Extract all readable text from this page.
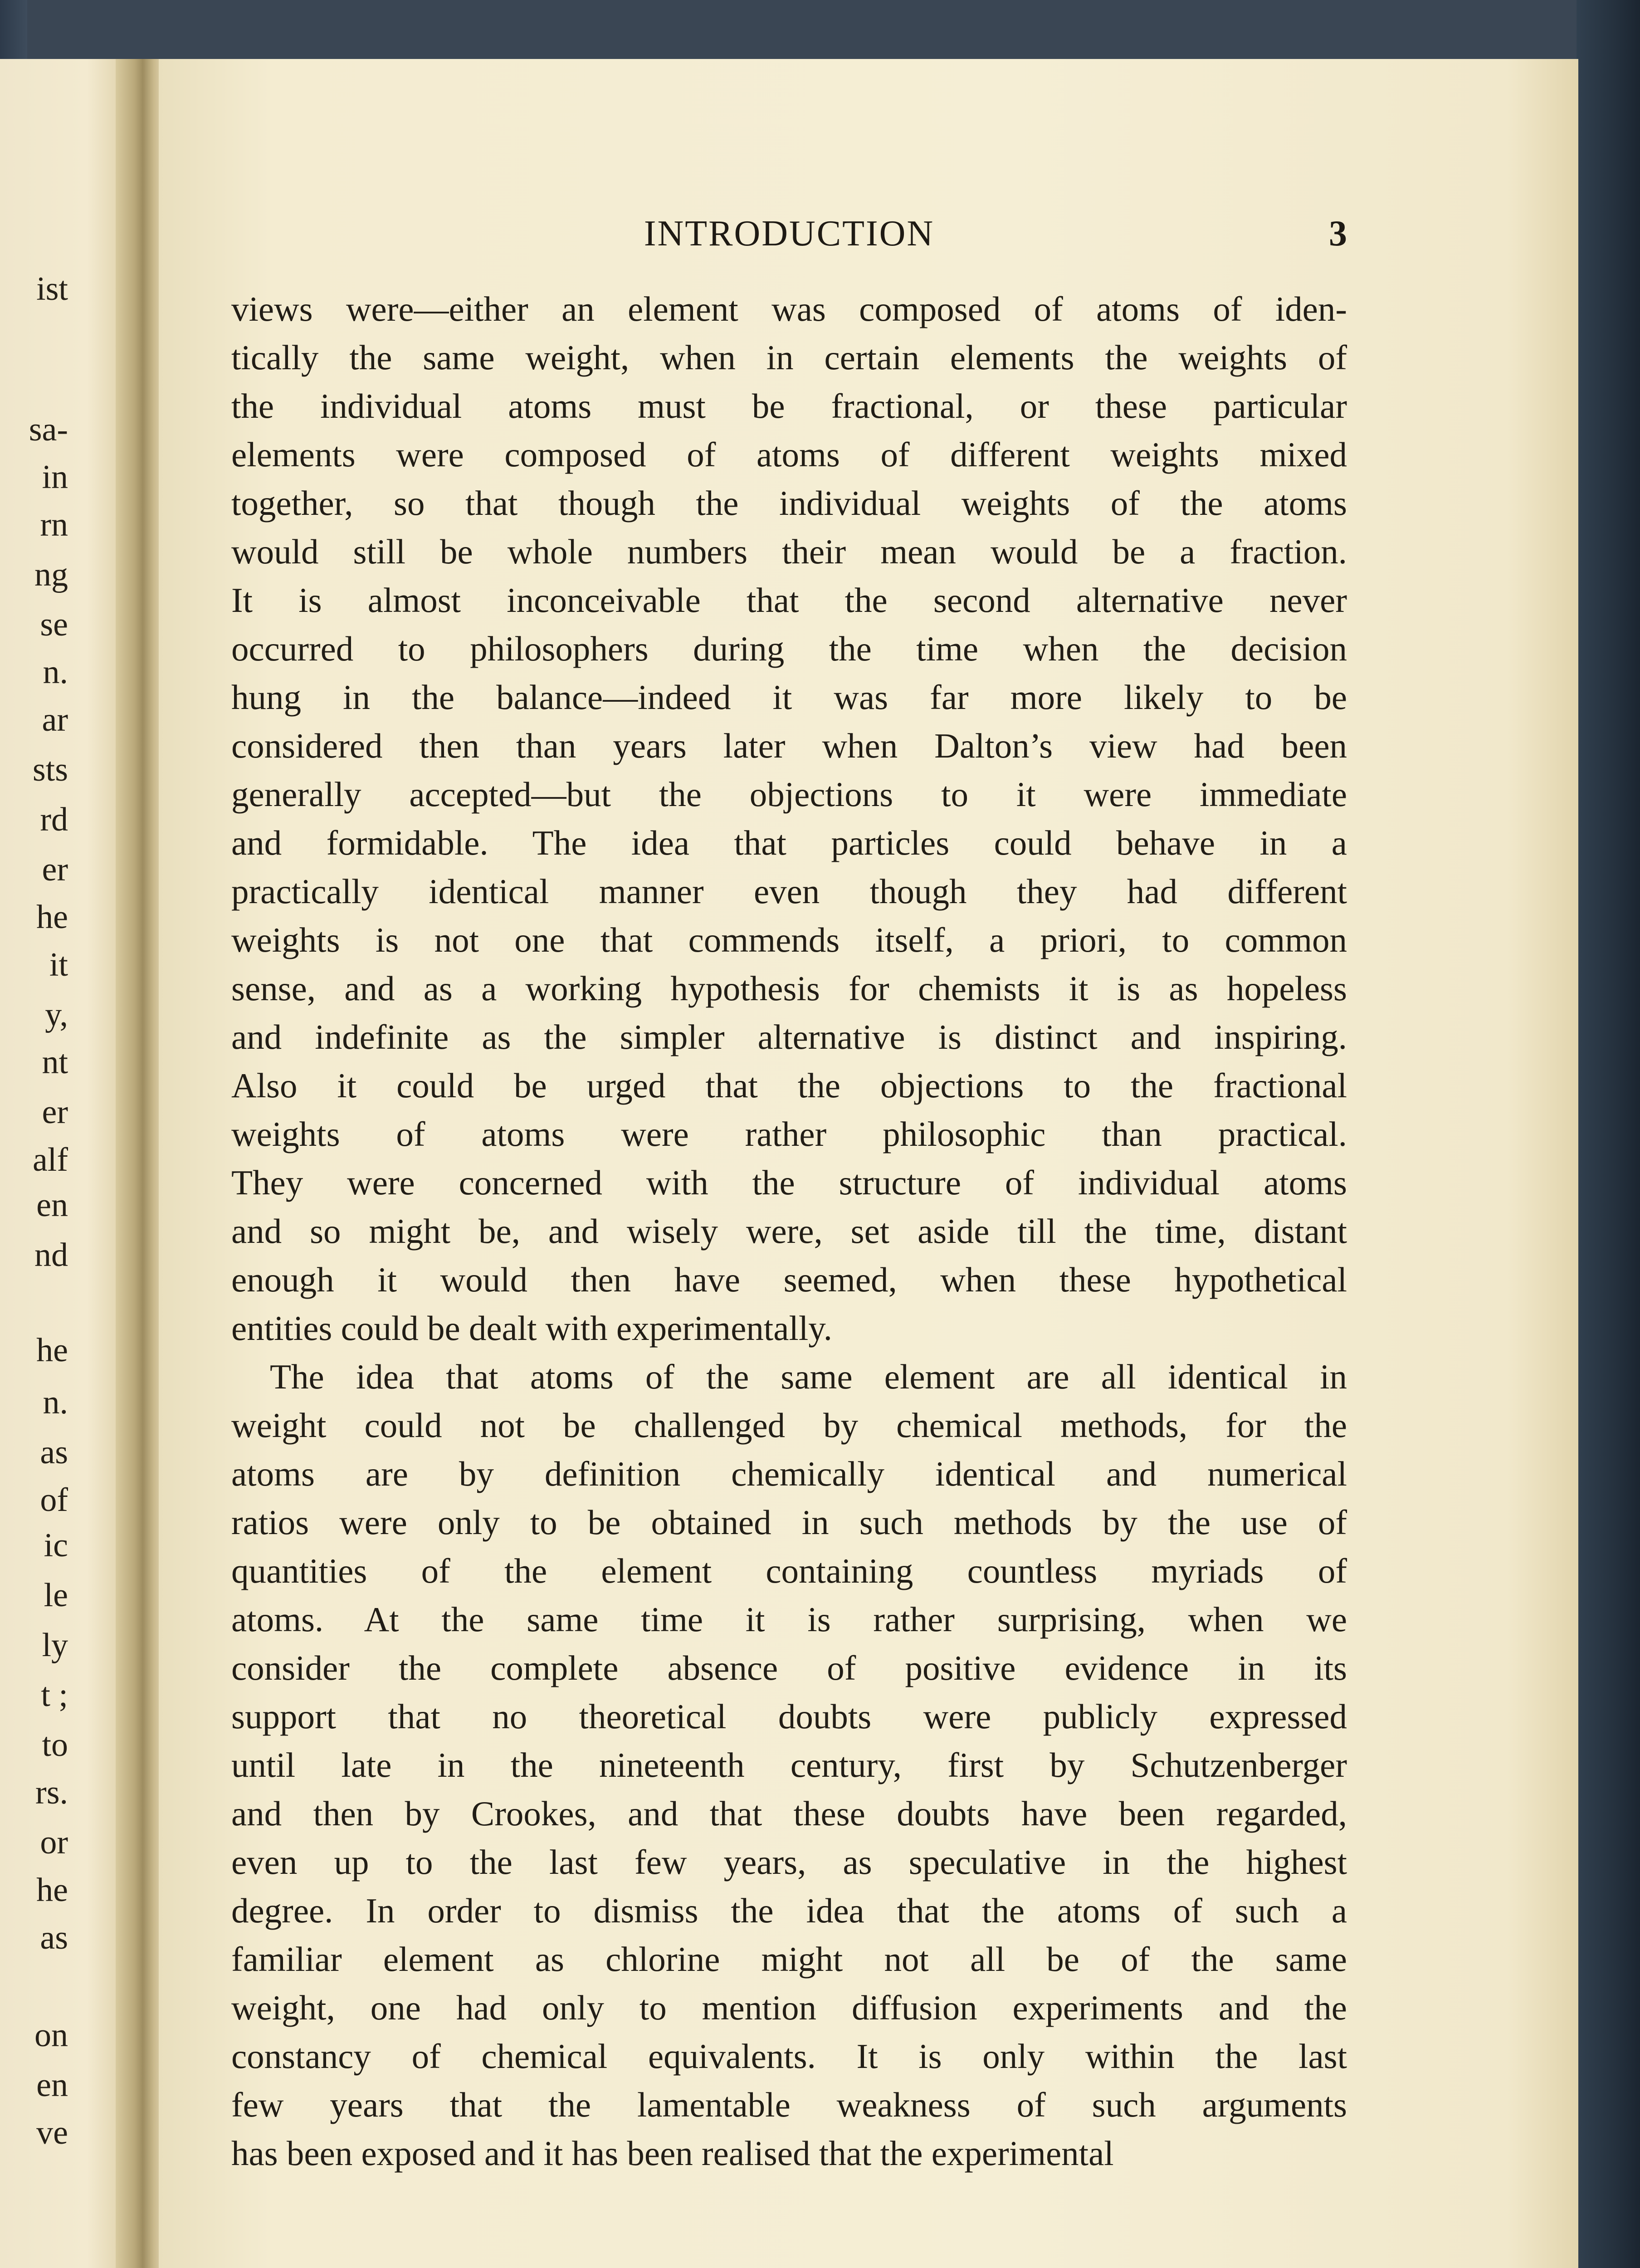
ist
sa-
in
rn
ng
se
n.
ar
sts
rd
er
he
it
y,
nt
er
alf
en
nd
he
n.
as
of
ic
le
ly
t ;
to
rs.
or
he
as
on
en
ve
INTRODUCTION	3
views were—either an element was composed of atoms of iden-
tically the same weight, when in certain elements the weights of
the individual atoms must be fractional, or these particular
elements were composed of atoms of different weights mixed
together, so that though the individual weights of the atoms
would still be whole numbers their mean would be a fraction.
It is almost inconceivable that the second alternative never
occurred to philosophers during the time when the decision
hung in the balance—indeed it was far more likely to be
considered then than years later when Dalton’s view had been
generally accepted—but the objections to it were immediate
and formidable. The idea that particles could behave in a
practically identical manner even though they had different
weights is not one that commends itself, a priori, to common
sense, and as a working hypothesis for chemists it is as hopeless
and indefinite as the simpler alternative is distinct and inspiring.
Also it could be urged that the objections to the fractional
weights of atoms were rather philosophic than practical.
They were concerned with the structure of individual atoms
and so might be, and wisely were, set aside till the time, distant
enough it would then have seemed, when these hypothetical
entities could be dealt with experimentally.
The idea that atoms of the same element are all identical in
weight could not be challenged by chemical methods, for the
atoms are by definition chemically identical and numerical
ratios were only to be obtained in such methods by the use of
quantities of the element containing countless myriads of
atoms. At the same time it is rather surprising, when we
consider the complete absence of positive evidence in its
support that no theoretical doubts were publicly expressed
until late in the nineteenth century, first by Schutzenberger
and then by Crookes, and that these doubts have been regarded,
even up to the last few years, as speculative in the highest
degree. In order to dismiss the idea that the atoms of such a
familiar element as chlorine might not all be of the same
weight, one had only to mention diffusion experiments and the
constancy of chemical equivalents. It is only within the last
few years that the lamentable weakness of such arguments
has been exposed and it has been realised that the experimental
